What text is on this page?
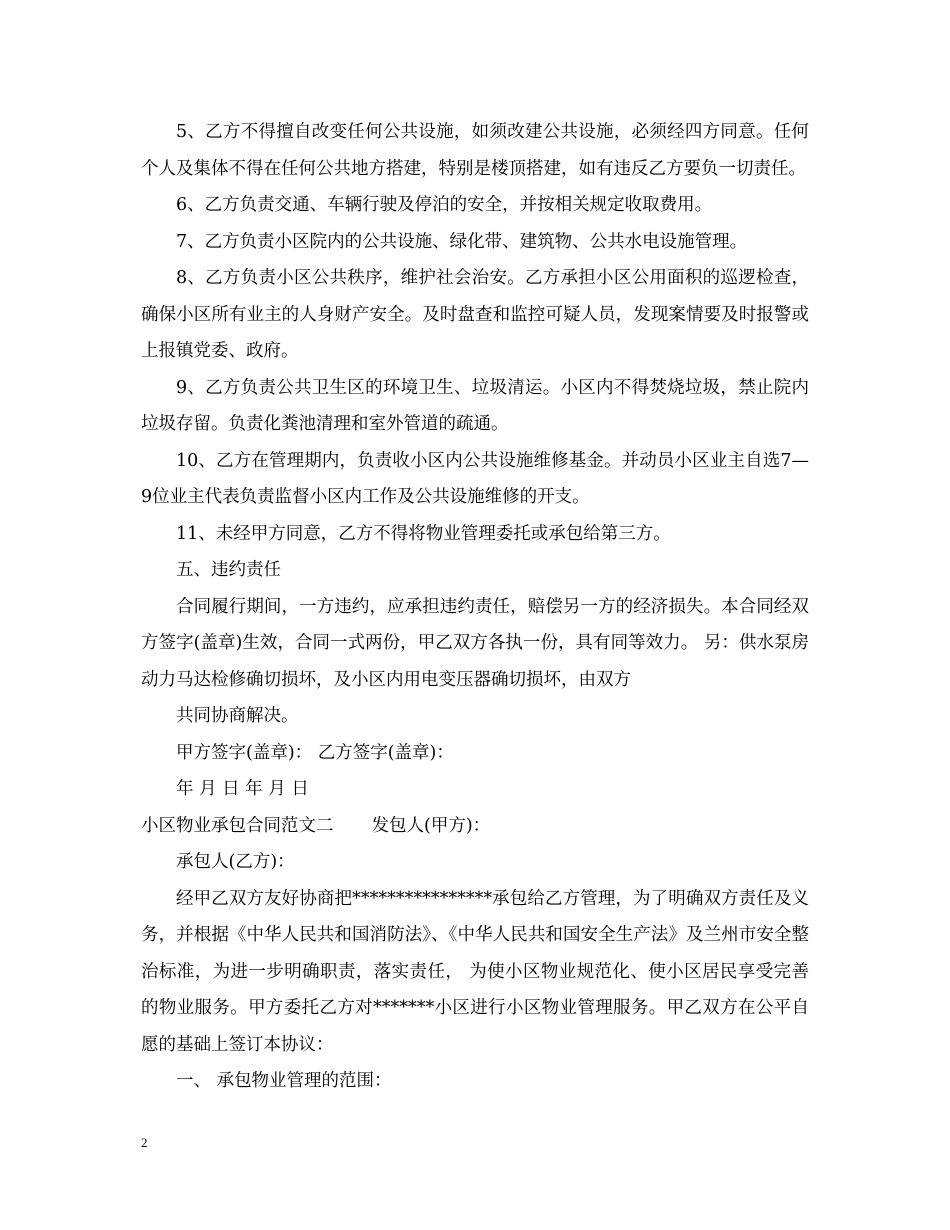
5、乙方不得擅自改变任何公共设施，如须改建公共设施，必须经四方同意。任何个人及集体不得在任何公共地方搭建，特别是楼顶搭建，如有违反乙方要负一切责任。

6、乙方负责交通、车辆行驶及停泊的安全，并按相关规定收取费用。

7、乙方负责小区院内的公共设施、绿化带、建筑物、公共水电设施管理。

8、乙方负责小区公共秩序，维护社会治安。乙方承担小区公用面积的巡逻检查，确保小区所有业主的人身财产安全。及时盘查和监控可疑人员，发现案情要及时报警或上报镇党委、政府。

9、乙方负责公共卫生区的环境卫生、垃圾清运。小区内不得焚烧垃圾，禁止院内垃圾存留。负责化粪池清理和室外管道的疏通。

10、乙方在管理期内，负责收小区内公共设施维修基金。并动员小区业主自选7—9位业主代表负责监督小区内工作及公共设施维修的开支。

11、未经甲方同意，乙方不得将物业管理委托或承包给第三方。

五、违约责任

合同履行期间，一方违约，应承担违约责任，赔偿另一方的经济损失。本合同经双方签字(盖章)生效，合同一式两份，甲乙双方各执一份，具有同等效力。 另：供水泵房动力马达检修确切损坏，及小区内用电变压器确切损坏，由双方

共同协商解决。

甲方签字(盖章)： 乙方签字(盖章)：

年 月 日 年 月 日

小区物业承包合同范文二 发包人(甲方)：

承包人(乙方)：

经甲乙双方友好协商把****************承包给乙方管理，为了明确双方责任及义务，并根据《中华人民共和国消防法》、《中华人民共和国安全生产法》及兰州市安全整治标准，为进一步明确职责，落实责任， 为使小区物业规范化、使小区居民享受完善的物业服务。甲方委托乙方对*******小区进行小区物业管理服务。甲乙双方在公平自愿的基础上签订本协议：

一、 承包物业管理的范围：

2
